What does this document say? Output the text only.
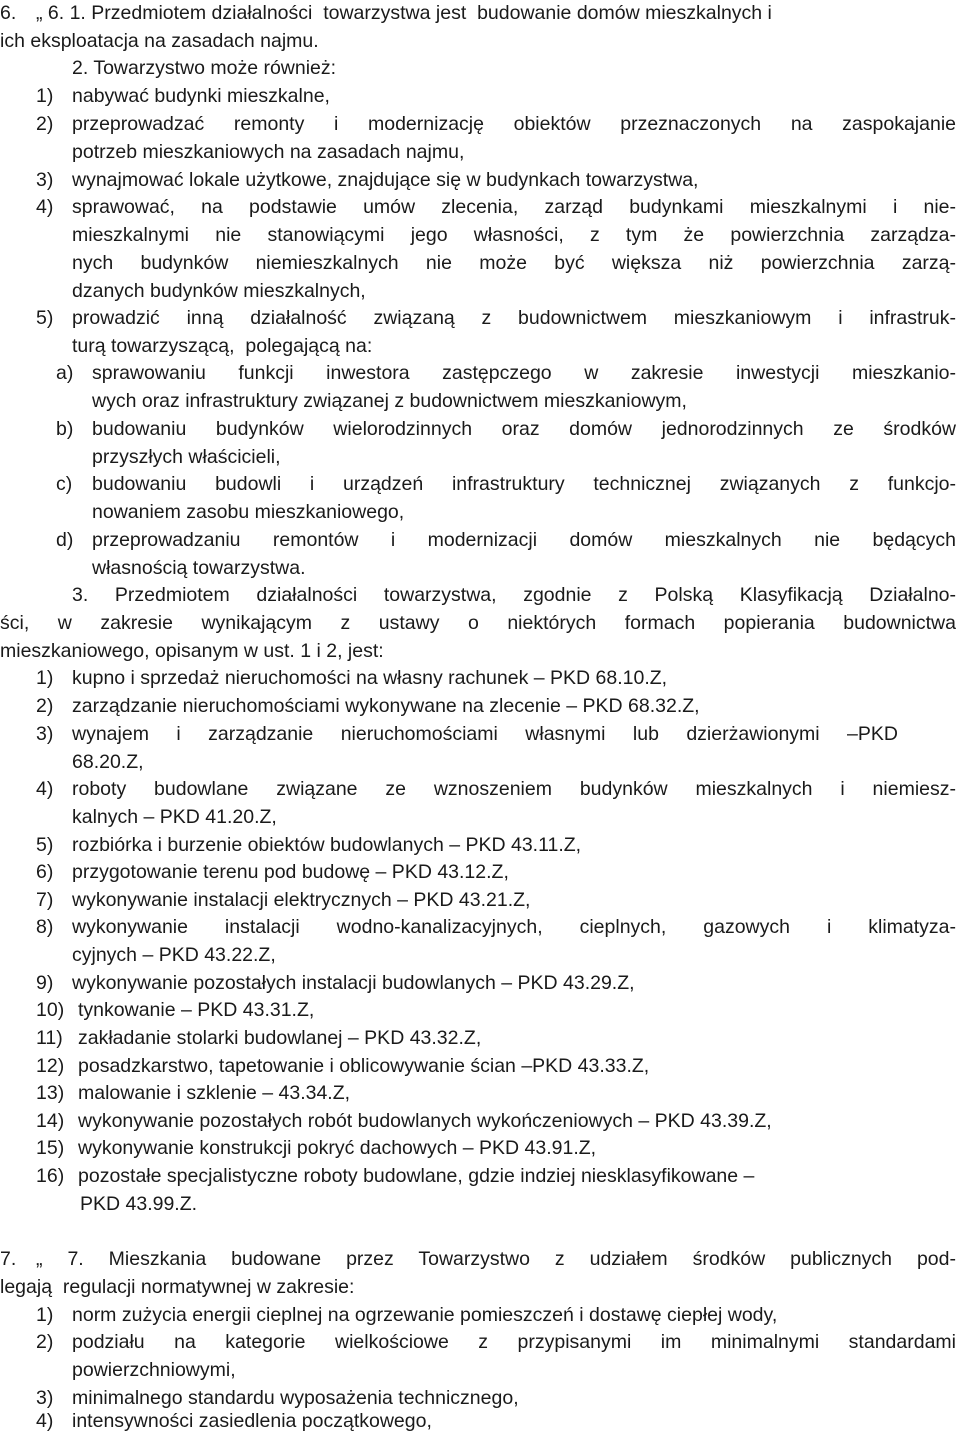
6. „ 6. 1. Przedmiotem działalności  towarzystwa jest  budowanie domów mieszkalnych i
ich eksploatacja na zasadach najmu.
2. Towarzystwo może również:
1) nabywać budynki mieszkalne,
2) przeprowadzać remonty i modernizację obiektów przeznaczonych na zaspokajanie
potrzeb mieszkaniowych na zasadach najmu,
3) wynajmować lokale użytkowe, znajdujące się w budynkach towarzystwa,
4) sprawować, na podstawie umów zlecenia, zarząd budynkami mieszkalnymi i nie-
mieszkalnymi nie stanowiącymi jego własności, z tym że powierzchnia zarządza-
nych budynków niemieszkalnych nie może być większa niż powierzchnia zarzą-
dzanych budynków mieszkalnych,
5) prowadzić inną działalność związaną z budownictwem mieszkaniowym i infrastruk-
turą towarzyszącą,  polegającą na:
a) sprawowaniu funkcji inwestora zastępczego w zakresie inwestycji mieszkanio-
wych oraz infrastruktury związanej z budownictwem mieszkaniowym,
b) budowaniu budynków wielorodzinnych oraz domów jednorodzinnych ze środków
przyszłych właścicieli,
c) budowaniu budowli i urządzeń infrastruktury technicznej związanych z funkcjo-
nowaniem zasobu mieszkaniowego,
d) przeprowadzaniu remontów i modernizacji domów mieszkalnych nie będących
własnością towarzystwa.
3. Przedmiotem działalności towarzystwa, zgodnie z Polską Klasyfikacją Działalno-
ści, w zakresie wynikającym z ustawy o niektórych formach popierania budownictwa
mieszkaniowego, opisanym w ust. 1 i 2, jest:
1) kupno i sprzedaż nieruchomości na własny rachunek – PKD 68.10.Z,
2) zarządzanie nieruchomościami wykonywane na zlecenie – PKD 68.32.Z,
3) wynajem i zarządzanie nieruchomościami własnymi lub dzierżawionymi –PKD
68.20.Z,
4) roboty budowlane związane ze wznoszeniem budynków mieszkalnych i niemiesz-
kalnych – PKD 41.20.Z,
5) rozbiórka i burzenie obiektów budowlanych – PKD 43.11.Z,
6) przygotowanie terenu pod budowę – PKD 43.12.Z,
7) wykonywanie instalacji elektrycznych – PKD 43.21.Z,
8) wykonywanie instalacji wodno-kanalizacyjnych, cieplnych, gazowych i klimatyza-
cyjnych – PKD 43.22.Z,
9) wykonywanie pozostałych instalacji budowlanych – PKD 43.29.Z,
10) tynkowanie – PKD 43.31.Z,
11) zakładanie stolarki budowlanej – PKD 43.32.Z,
12) posadzkarstwo, tapetowanie i oblicowywanie ścian –PKD 43.33.Z,
13) malowanie i szklenie – 43.34.Z,
14) wykonywanie pozostałych robót budowlanych wykończeniowych – PKD 43.39.Z,
15) wykonywanie konstrukcji pokryć dachowych – PKD 43.91.Z,
16) pozostałe specjalistyczne roboty budowlane, gdzie indziej niesklasyfikowane –
PKD 43.99.Z.
7. „ 7. Mieszkania budowane przez Towarzystwo z udziałem środków publicznych pod-
legają  regulacji normatywnej w zakresie:
1) norm zużycia energii cieplnej na ogrzewanie pomieszczeń i dostawę ciepłej wody,
2) podziału na kategorie wielkościowe z przypisanymi im minimalnymi standardami
powierzchniowymi,
3) minimalnego standardu wyposażenia technicznego,
4) intensywności zasiedlenia początkowego,
